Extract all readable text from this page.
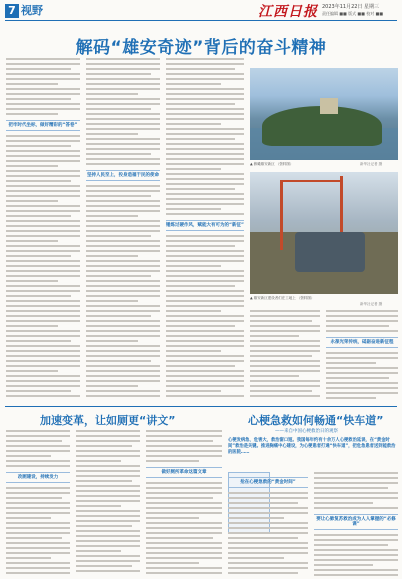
7 视野	江西日报 2023年11月22日 星期三
责任编辑 ■■ 版式 ■■ 校对 ■■
解码“雄安奇迹”背后的奋斗精神
把牢时代坐标，做好精彩的“答卷”
坚持人民至上，投身造福于民的使命
锤炼过硬作风，赋能大有可为的“新征”
▲ 俯瞰雄安新区 （资料图）	新华社记者 摄
▲ 雄安新区建设者们在工地上 （资料图）
新华社记者 摄
永葆光荣传统，砥砺奋进新征程
加速变革，让如厕更“讲文”
改厕建设，持续发力
做好厕所革命这篇文章
心梗急救如何畅通“快车道”
——来自中国心梗救治日的观察
心梗发病急、危害大，救治窗口短。我国每年约有十余万人心梗救治延误，在“黄金时间”救治是关键。推进胸痛中心建设，为心梗患者打通“快车道”，把危急患者送到能救治的医院……
抢在心梗急救的“黄金时间”
要让心肺复苏救治成为人人掌握的“必修课”
